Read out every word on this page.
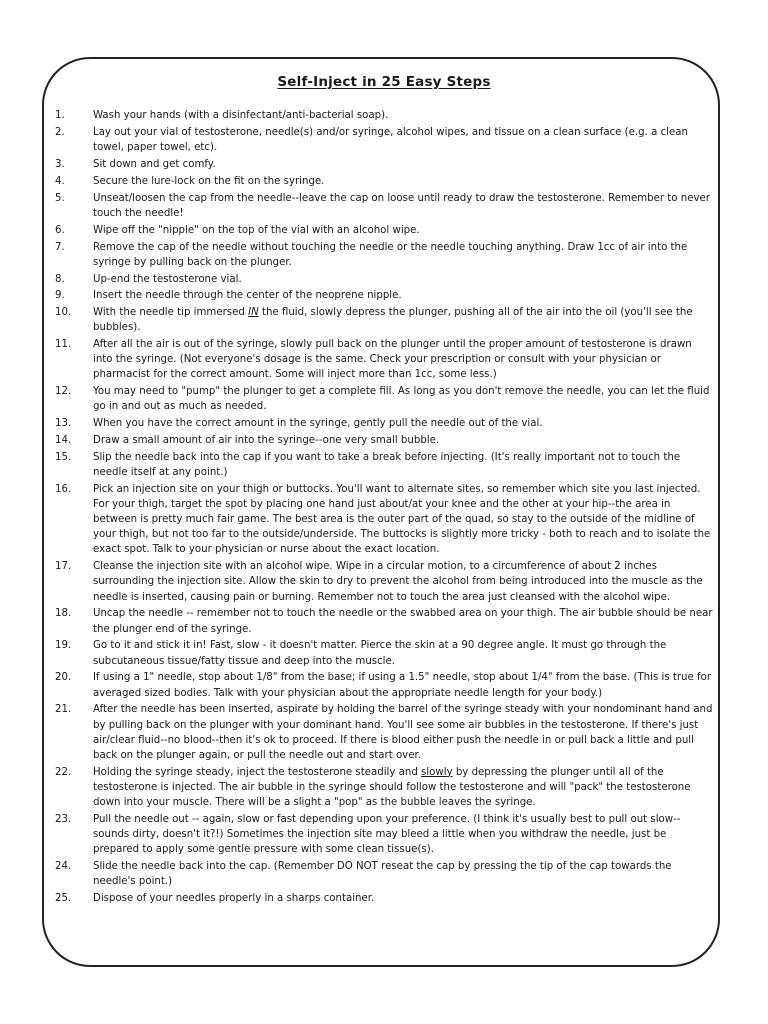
Self-Inject in 25 Easy Steps
1.	Wash your hands (with a disinfectant/anti-bacterial soap).
2.	Lay out your vial of testosterone, needle(s) and/or syringe, alcohol wipes, and tissue on a clean surface (e.g. a clean towel, paper towel, etc).
3.	Sit down and get comfy.
4.	Secure the lure-lock on the fit on the syringe.
5.	Unseat/loosen the cap from the needle--leave the cap on loose until ready to draw the testosterone. Remember to never touch the needle!
6.	Wipe off the "nipple" on the top of the vial with an alcohol wipe.
7.	Remove the cap of the needle without touching the needle or the needle touching anything. Draw 1cc of air into the syringe by pulling back on the plunger.
8.	Up-end the testosterone vial.
9.	Insert the needle through the center of the neoprene nipple.
10.	With the needle tip immersed IN the fluid, slowly depress the plunger, pushing all of the air into the oil (you'll see the bubbles).
11.	After all the air is out of the syringe, slowly pull back on the plunger until the proper amount of testosterone is drawn into the syringe. (Not everyone's dosage is the same. Check your prescription or consult with your physician or pharmacist for the correct amount. Some will inject more than 1cc, some less.)
12.	You may need to "pump" the plunger to get a complete fill. As long as you don't remove the needle, you can let the fluid go in and out as much as needed.
13.	When you have the correct amount in the syringe, gently pull the needle out of the vial.
14.	Draw a small amount of air into the syringe--one very small bubble.
15.	Slip the needle back into the cap if you want to take a break before injecting. (It's really important not to touch the needle itself at any point.)
16.	Pick an injection site on your thigh or buttocks. You'll want to alternate sites, so remember which site you last injected. For your thigh, target the spot by placing one hand just about/at your knee and the other at your hip--the area in between is pretty much fair game. The best area is the outer part of the quad, so stay to the outside of the midline of your thigh, but not too far to the outside/underside. The buttocks is slightly more tricky - both to reach and to isolate the exact spot. Talk to your physician or nurse about the exact location.
17.	Cleanse the injection site with an alcohol wipe. Wipe in a circular motion, to a circumference of about 2 inches surrounding the injection site. Allow the skin to dry to prevent the alcohol from being introduced into the muscle as the needle is inserted, causing pain or burning. Remember not to touch the area just cleansed with the alcohol wipe.
18.	Uncap the needle -- remember not to touch the needle or the swabbed area on your thigh. The air bubble should be near the plunger end of the syringe.
19.	Go to it and stick it in! Fast, slow - it doesn't matter. Pierce the skin at a 90 degree angle. It must go through the subcutaneous tissue/fatty tissue and deep into the muscle.
20.	If using a 1" needle, stop about 1/8" from the base; if using a 1.5" needle, stop about 1/4" from the base. (This is true for averaged sized bodies. Talk with your physician about the appropriate needle length for your body.)
21.	After the needle has been inserted, aspirate by holding the barrel of the syringe steady with your nondominant hand and by pulling back on the plunger with your dominant hand. You'll see some air bubbles in the testosterone. If there's just air/clear fluid--no blood--then it's ok to proceed. If there is blood either push the needle in or pull back a little and pull back on the plunger again, or pull the needle out and start over.
22.	Holding the syringe steady, inject the testosterone steadily and slowly by depressing the plunger until all of the testosterone is injected. The air bubble in the syringe should follow the testosterone and will "pack" the testosterone down into your muscle. There will be a slight a "pop" as the bubble leaves the syringe.
23.	Pull the needle out -- again, slow or fast depending upon your preference. (I think it's usually best to pull out slow--sounds dirty, doesn't it?!) Sometimes the injection site may bleed a little when you withdraw the needle, just be prepared to apply some gentle pressure with some clean tissue(s).
24.	Slide the needle back into the cap. (Remember DO NOT reseat the cap by pressing the tip of the cap towards the needle's point.)
25.	Dispose of your needles properly in a sharps container.
